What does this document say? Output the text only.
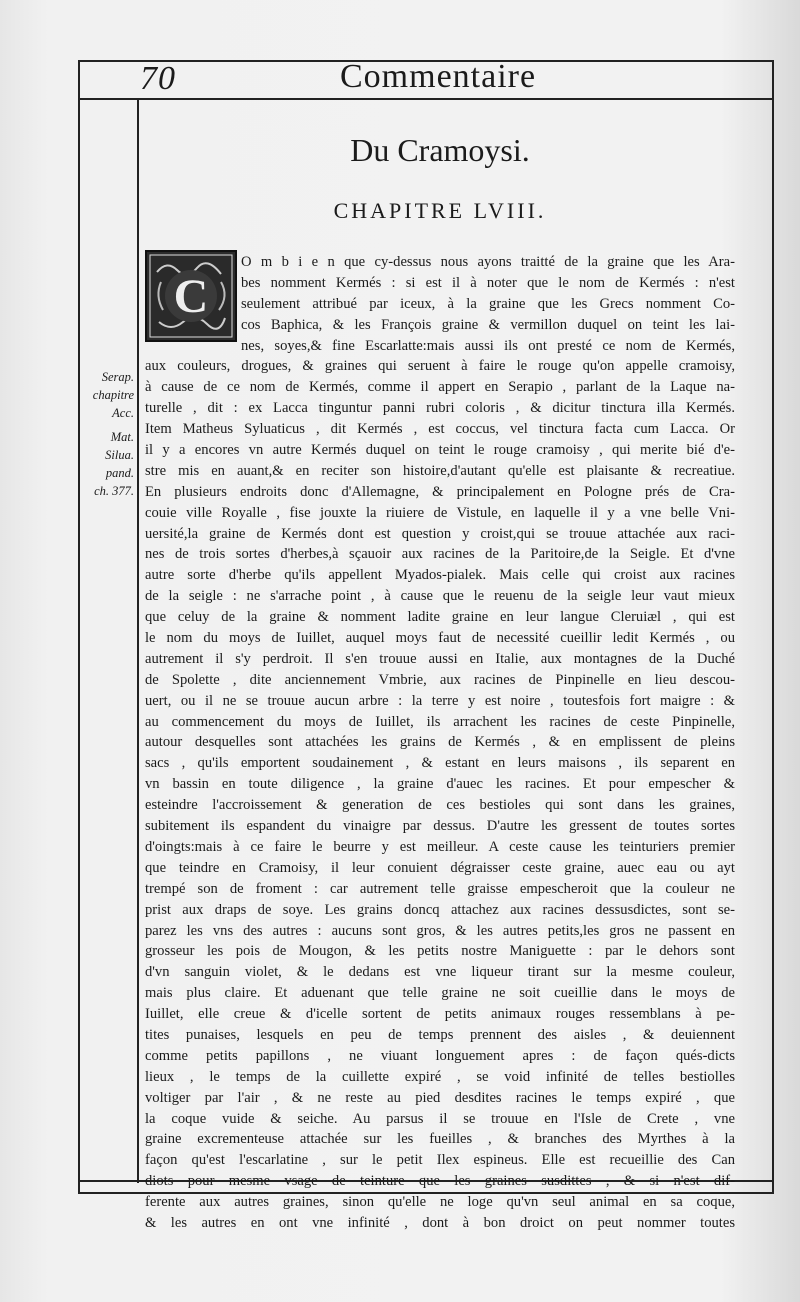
70	Commentaire
Du Cramoysi.
CHAPITRE LVIII.
C
Serap.
chapitre
Acc.
Mat.
Silua.
pand.
ch. 377.
O m b i e n que cy-dessus nous ayons traitté de la graine que les Ara-
bes nomment Kermés : si est il à noter que le nom de Kermés : n'est
seulement attribué par iceux, à la graine que les Grecs nomment Co-
cos Baphica, & les François graine & vermillon duquel on teint les lai-
nes, soyes,& fine Escarlatte:mais aussi ils ont presté ce nom de Kermés,
aux couleurs, drogues, & graines qui seruent à faire le rouge qu'on appelle cramoisy,
à cause de ce nom de Kermés, comme il appert en Serapio , parlant de la Laque na-
turelle , dit : ex Lacca tinguntur panni rubri coloris , & dicitur tinctura illa Kermés.
Item Matheus Syluaticus , dit Kermés , est coccus, vel tinctura facta cum Lacca. Or
il y a encores vn autre Kermés duquel on teint le rouge cramoisy , qui merite bié d'e-
stre mis en auant,& en reciter son histoire,d'autant qu'elle est plaisante & recreatiue.
En plusieurs endroits donc d'Allemagne, & principalement en Pologne prés de Cra-
couie ville Royalle , fise jouxte la riuiere de Vistule, en laquelle il y a vne belle Vni-
uersité,la graine de Kermés dont est question y croist,qui se trouue attachée aux raci-
nes de trois sortes d'herbes,à sçauoir aux racines de la Paritoire,de la Seigle. Et d'vne
autre sorte d'herbe qu'ils appellent Myados-pialek. Mais celle qui croist aux racines
de la seigle : ne s'arrache point , à cause que le reuenu de la seigle leur vaut mieux
que celuy de la graine & nomment ladite graine en leur langue Cleruiæl , qui est
le nom du moys de Iuillet, auquel moys faut de necessité cueillir ledit Kermés , ou
autrement il s'y perdroit. Il s'en trouue aussi en Italie, aux montagnes de la Duché
de Spolette , dite anciennement Vmbrie, aux racines de Pinpinelle en lieu descou-
uert, ou il ne se trouue aucun arbre : la terre y est noire , toutesfois fort maigre : &
au commencement du moys de Iuillet, ils arrachent les racines de ceste Pinpinelle,
autour desquelles sont attachées les grains de Kermés , & en emplissent de pleins
sacs , qu'ils emportent soudainement , & estant en leurs maisons , ils separent en
vn bassin en toute diligence , la graine d'auec les racines. Et pour empescher &
esteindre l'accroissement & generation de ces bestioles qui sont dans les graines,
subitement ils espandent du vinaigre par dessus. D'autre les gressent de toutes sortes
d'oingts:mais à ce faire le beurre y est meilleur. A ceste cause les teinturiers premier
que teindre en Cramoisy, il leur conuient dégraisser ceste graine, auec eau ou ayt
trempé son de froment : car autrement telle graisse empescheroit que la couleur ne
prist aux draps de soye. Les grains doncq attachez aux racines dessusdictes, sont se-
parez les vns des autres : aucuns sont gros, & les autres petits,les gros ne passent en
grosseur les pois de Mougon, & les petits nostre Maniguette : par le dehors sont
d'vn sanguin violet, & le dedans est vne liqueur tirant sur la mesme couleur,
mais plus claire. Et aduenant que telle graine ne soit cueillie dans le moys de
Iuillet, elle creue & d'icelle sortent de petits animaux rouges ressemblans à pe-
tites punaises, lesquels en peu de temps prennent des aisles , & deuiennent
comme petits papillons , ne viuant longuement apres : de façon qués-dicts
lieux , le temps de la cuillette expiré , se void infinité de telles bestiolles
voltiger par l'air , & ne reste au pied desdites racines le temps expiré , que
la coque vuide & seiche. Au parsus il se trouue en l'Isle de Crete , vne
graine excrementeuse attachée sur les fueilles , & branches des Myrthes à la
façon qu'est l'escarlatine , sur le petit Ilex espineus. Elle est recueillie des Can
diots pour mesme vsage de teinture que les graines susdittes , & si n'est dif-
ferente aux autres graines, sinon qu'elle ne loge qu'vn seul animal en sa coque,
& les autres en ont vne infinité , dont à bon droict on peut nommer toutes
